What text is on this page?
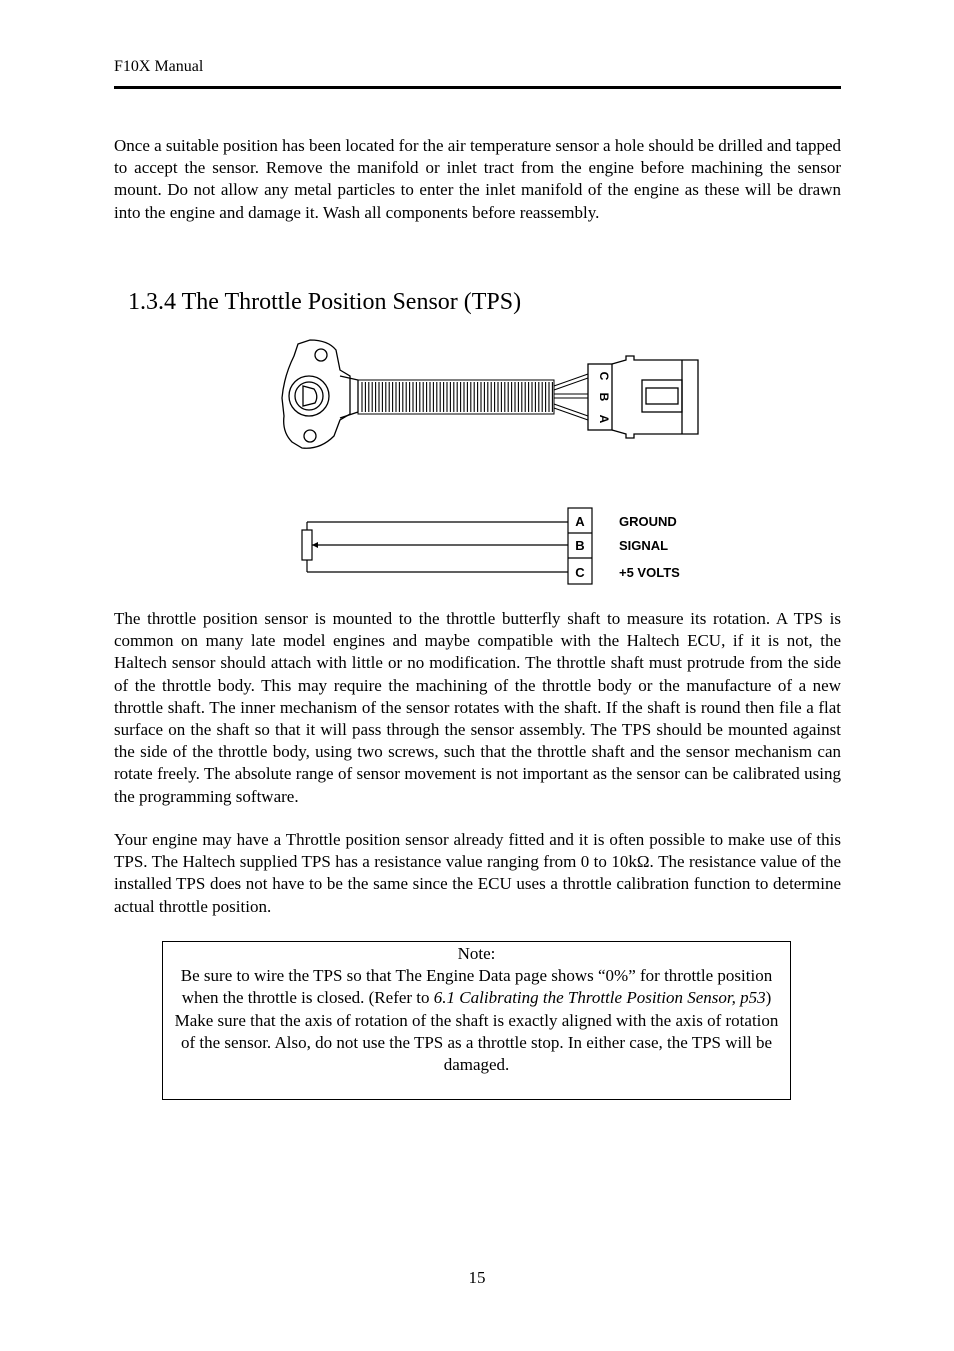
F10X Manual

Once a suitable position has been located for the air temperature sensor a hole should be drilled and tapped to accept the sensor. Remove the manifold or inlet tract from the engine before machining the sensor mount. Do not allow any metal particles to enter the inlet manifold of the engine as these will be drawn into the engine and damage it. Wash all components before reassembly.

1.3.4 The Throttle Position Sensor (TPS)
C
B
A
A
B
C
GROUND
SIGNAL
+5 VOLTS

The throttle position sensor is mounted to the throttle butterfly shaft to measure its rotation. A TPS is common on many late model engines and maybe compatible with the Haltech ECU, if it is not, the Haltech sensor should attach with little or no modification. The throttle shaft must protrude from the side of the throttle body. This may require the machining of the throttle body or the manufacture of a new throttle shaft. The inner mechanism of the sensor rotates with the shaft. If the shaft is round then file a flat surface on the shaft so that it will pass through the sensor assembly. The TPS should be mounted against the side of the throttle body, using two screws, such that the throttle shaft and the sensor mechanism can rotate freely. The absolute range of sensor movement is not important as the sensor can be calibrated using the programming software.

Your engine may have a Throttle position sensor already fitted and it is often possible to make use of this TPS. The Haltech supplied TPS has a resistance value ranging from 0 to 10kΩ. The resistance value of the installed TPS does not have to be the same since the ECU uses a throttle calibration function to determine actual throttle position.

Note:

Be sure to wire the TPS so that The Engine Data page shows “0%” for throttle position when the throttle is closed. (Refer to 6.1 Calibrating the Throttle Position Sensor, p53)

Make sure that the axis of rotation of the shaft is exactly aligned with the axis of rotation of the sensor. Also, do not use the TPS as a throttle stop. In either case, the TPS will be damaged.

15
